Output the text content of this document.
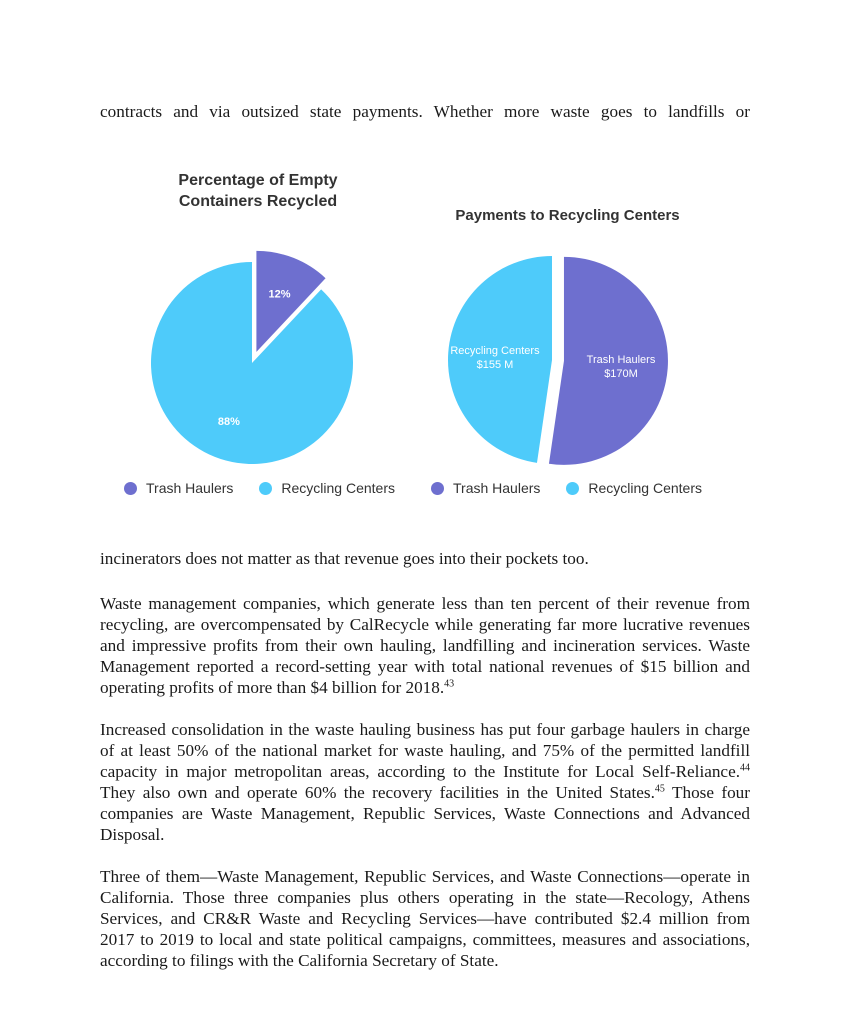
contracts and via outsized state payments. Whether more waste goes to landfills or

Percentage of Empty
Containers Recycled
12%
88%
Trash Haulers	Recycling Centers
Payments to Recycling Centers
Trash Haulers
$170M
Recycling Centers
$155 M
Trash Haulers	Recycling Centers

incinerators does not matter as that revenue goes into their pockets too.

Waste management companies, which generate less than ten percent of their revenue from recycling, are overcompensated by CalRecycle while generating far more lucrative revenues and impressive profits from their own hauling, landfilling and incineration services. Waste Management reported a record-setting year with total national revenues of $15 billion and operating profits of more than $4 billion for 2018.43

Increased consolidation in the waste hauling business has put four garbage haulers in charge of at least 50% of the national market for waste hauling, and 75% of the permitted landfill capacity in major metropolitan areas, according to the Institute for Local Self-Reliance.$^{44}$ They also own and operate 60% the recovery facilities in the United States.$^{45}$ Those four companies are Waste Management, Republic Services, Waste Connections and Advanced Disposal.

Three of them—Waste Management, Republic Services, and Waste Connections—operate in California. Those three companies plus others operating in the state—Recology, Athens Services, and CR&R Waste and Recycling Services—have contributed $2.4 million from 2017 to 2019 to local and state political campaigns, committees, measures and associations, according to filings with the California Secretary of State.
